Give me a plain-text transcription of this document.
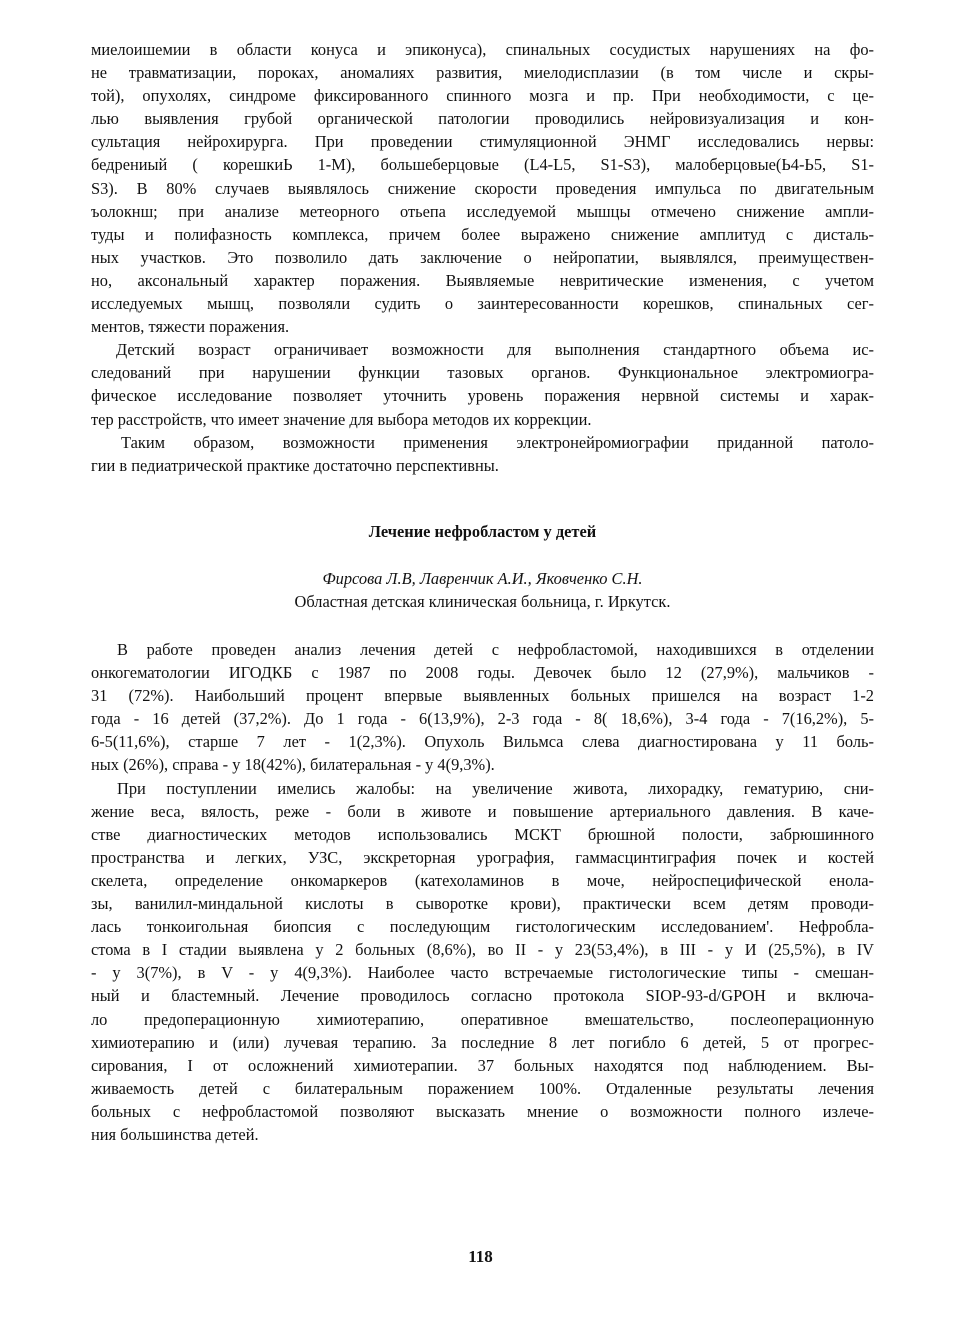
миелоишемии в области конуса и эпиконуса), спинальных сосудистых нарушениях на фо-
не травматизации, пороках, аномалиях развития, миелодисплазии (в том числе и скры-
той), опухолях, синдроме фиксированного спинного мозга и пр. При необходимости, с це-
лью выявления грубой органической патологии проводились нейровизуализация и кон-
сультация нейрохирурга. При проведении стимуляционной ЭНМГ исследовались нервы:
бедрениый ( корешкиЬ 1-М), большеберцовые (L4-L5, S1-S3), малоберцовые(Ь4-Ь5, S1-
S3). В 80% случаев выявлялось снижение скорости проведения импульса по двигательным
ъолокнш; при анализе метеорного отьепа исследуемой мышцы отмечено снижение ампли-
туды и полифазность комплекса, причем более выражено снижение амплитуд с дисталь-
ных участков. Это позволило дать заключение о нейропатии, выявлялся, преимуществен-
но, аксональный характер поражения. Выявляемые невритические изменения, с учетом
исследуемых мышц, позволяли судить о заинтересованности корешков, спинальных сег-
ментов, тяжести поражения.
Детский возраст ограничивает возможности для выполнения стандартного объема ис-
следований при нарушении функции тазовых органов. Функциональное электромиогра-
фическое исследование позволяет уточнить уровень поражения нервной системы и харак-
тер расстройств, что имеет значение для выбора методов их коррекции.
Таким образом, возможности применения электронейромиографии приданной патоло-
гии в педиатрической практике достаточно перспективны.
Лечение нефробластом у детей
Фирсова Л.В, Лавренчик А.И., Яковченко С.Н.
Областная детская клиническая больница, г. Иркутск.
В работе проведен анализ лечения детей с нефробластомой, находившихся в отделении
онкогематологии ИГОДКБ с 1987 по 2008 годы. Девочек было 12 (27,9%), мальчиков -
31 (72%). Наибольший процент впервые выявленных больных пришелся на возраст 1-2
года - 16 детей (37,2%). До 1 года - 6(13,9%), 2-3 года - 8( 18,6%), 3-4 года - 7(16,2%), 5-
6-5(11,6%), старше 7 лет - 1(2,3%). Опухоль Вильмса слева диагностирована у 11 боль-
ных (26%), справа - у 18(42%), билатеральная - у 4(9,3%).
При поступлении имелись жалобы: на увеличение живота, лихорадку, гематурию, сни-
жение веса, вялость, реже - боли в животе и повышение артериального давления. В каче-
стве диагностических методов использовались МСКТ брюшной полости, забрюшинного
пространства и легких, УЗС, экскреторная урография, гаммасцинтиграфия почек и костей
скелета, определение онкомаркеров (катехоламинов в моче, нейроспецифической енола-
зы, ванилил-миндальной кислоты в сыворотке крови), практически всем детям проводи-
лась тонкоигольная биопсия с последующим гистологическим исследованием'. Нефробла-
стома в I стадии выявлена у 2 больных (8,6%), во II - у 23(53,4%), в III - у И (25,5%), в IV
- у 3(7%), в V - у 4(9,3%). Наиболее часто встречаемые гистологические типы - смешан-
ный и бластемный. Лечение проводилось согласно протокола SIOP-93-d/GPOH и включа-
ло предоперационную химиотерапию, оперативное вмешательство, послеоперационную
химиотерапию и (или) лучевая терапию. За последние 8 лет погибло 6 детей, 5 от прогрес-
сирования, I от осложнений химиотерапии. 37 больных находятся под наблюдением. Вы-
живаемость детей с билатеральным поражением 100%. Отдаленные результаты лечения
больных с нефробластомой позволяют высказать мнение о возможности полного излече-
ния большинства детей.
118
